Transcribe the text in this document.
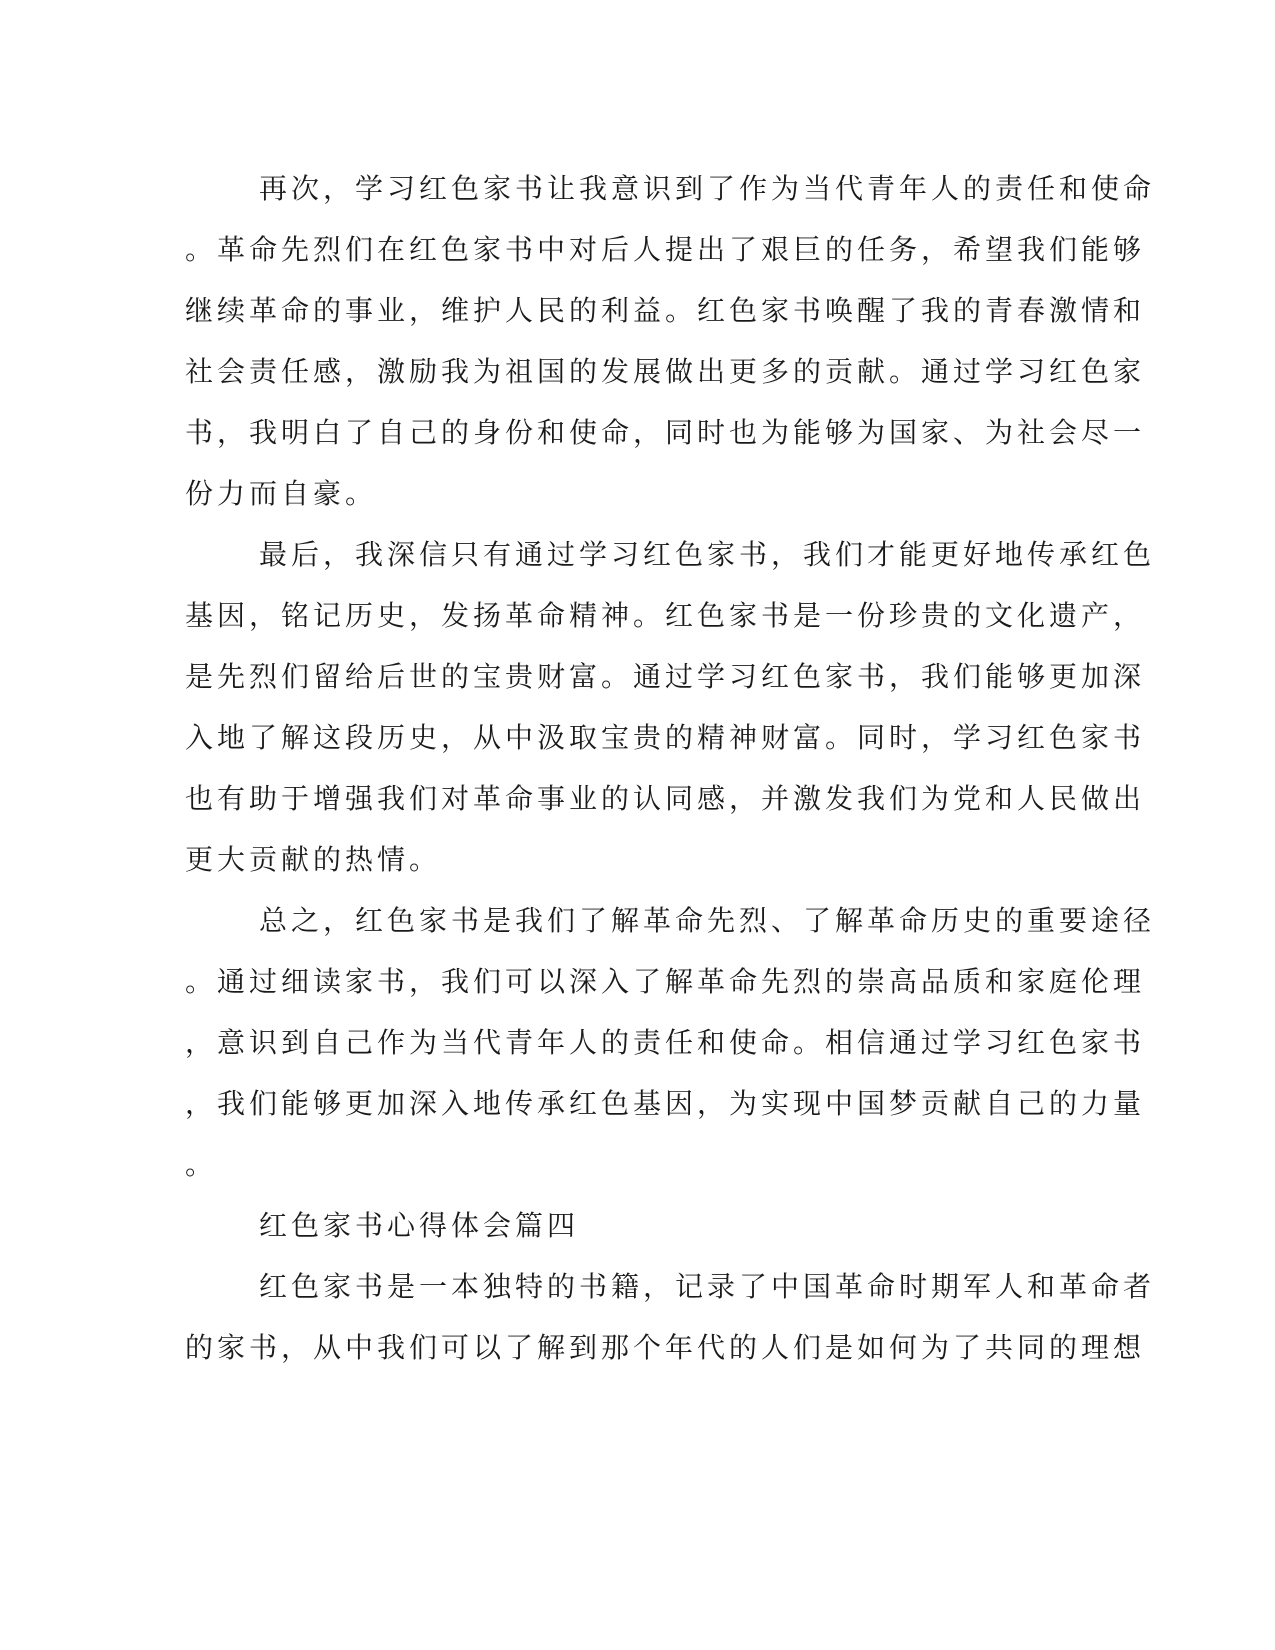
再次，学习红色家书让我意识到了作为当代青年人的责任和使命
。革命先烈们在红色家书中对后人提出了艰巨的任务，希望我们能够
继续革命的事业，维护人民的利益。红色家书唤醒了我的青春激情和
社会责任感，激励我为祖国的发展做出更多的贡献。通过学习红色家
书，我明白了自己的身份和使命，同时也为能够为国家、为社会尽一
份力而自豪。
最后，我深信只有通过学习红色家书，我们才能更好地传承红色
基因，铭记历史，发扬革命精神。红色家书是一份珍贵的文化遗产，
是先烈们留给后世的宝贵财富。通过学习红色家书，我们能够更加深
入地了解这段历史，从中汲取宝贵的精神财富。同时，学习红色家书
也有助于增强我们对革命事业的认同感，并激发我们为党和人民做出
更大贡献的热情。
总之，红色家书是我们了解革命先烈、了解革命历史的重要途径
。通过细读家书，我们可以深入了解革命先烈的崇高品质和家庭伦理
，意识到自己作为当代青年人的责任和使命。相信通过学习红色家书
，我们能够更加深入地传承红色基因，为实现中国梦贡献自己的力量
。
红色家书心得体会篇四
红色家书是一本独特的书籍，记录了中国革命时期军人和革命者
的家书，从中我们可以了解到那个年代的人们是如何为了共同的理想
